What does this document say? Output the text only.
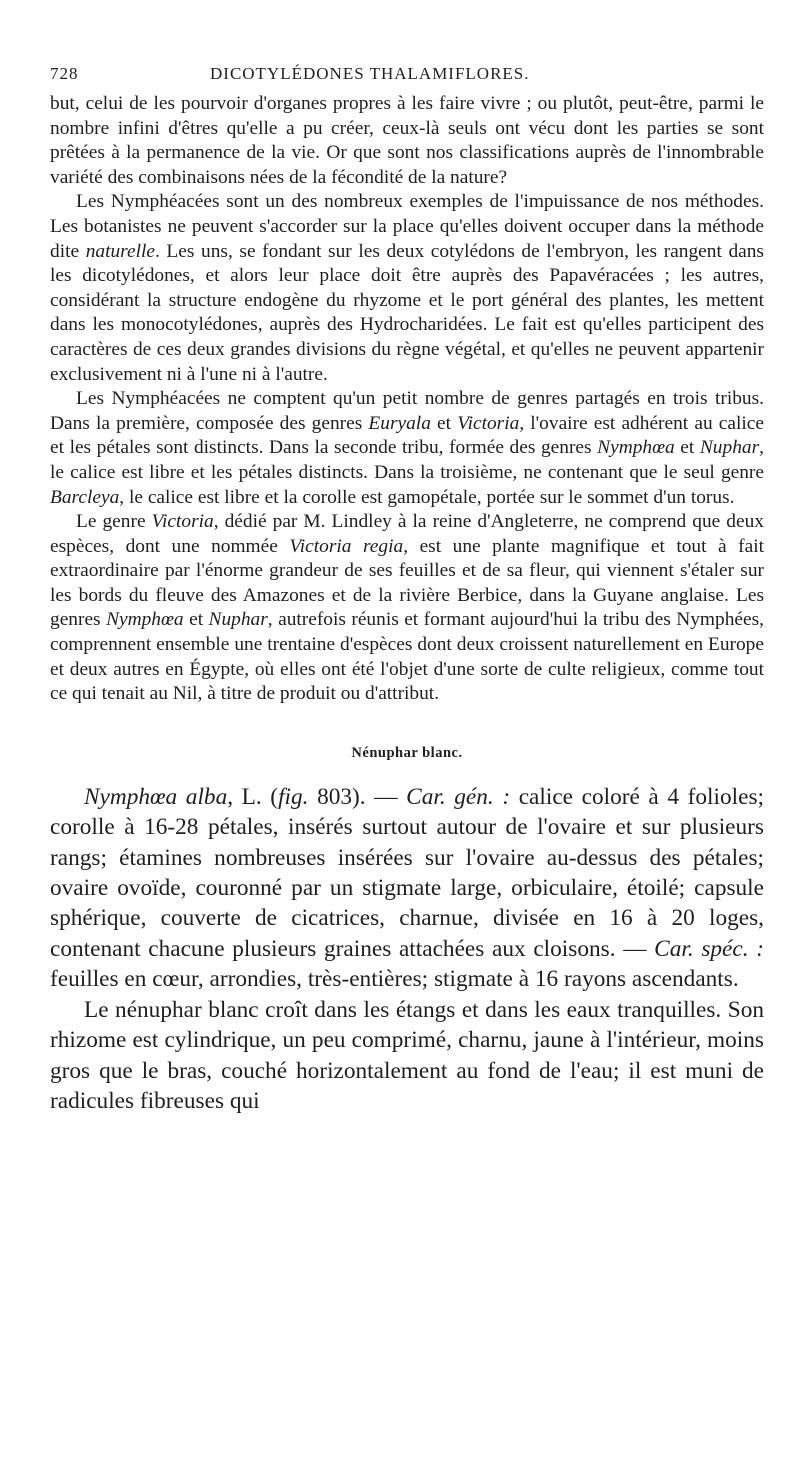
728	DICOTYLÉDONES THALAMIFLORES.

but, celui de les pourvoir d'organes propres à les faire vivre ; ou plutôt, peut-être, parmi le nombre infini d'êtres qu'elle a pu créer, ceux-là seuls ont vécu dont les parties se sont prêtées à la permanence de la vie. Or que sont nos classifications auprès de l'innombrable variété des combinaisons nées de la fécondité de la nature?

Les Nymphéacées sont un des nombreux exemples de l'impuissance de nos méthodes. Les botanistes ne peuvent s'accorder sur la place qu'elles doivent occuper dans la méthode dite naturelle. Les uns, se fondant sur les deux cotylédons de l'embryon, les rangent dans les dicotylédones, et alors leur place doit être auprès des Papavéracées ; les autres, considérant la structure endogène du rhyzome et le port général des plantes, les mettent dans les monocotylédones, auprès des Hydrocharidées. Le fait est qu'elles participent des caractères de ces deux grandes divisions du règne végétal, et qu'elles ne peuvent appartenir exclusivement ni à l'une ni à l'autre.

Les Nymphéacées ne comptent qu'un petit nombre de genres partagés en trois tribus. Dans la première, composée des genres Euryala et Victoria, l'ovaire est adhérent au calice et les pétales sont distincts. Dans la seconde tribu, formée des genres Nymphœa et Nuphar, le calice est libre et les pétales distincts. Dans la troisième, ne contenant que le seul genre Barcleya, le calice est libre et la corolle est gamopétale, portée sur le sommet d'un torus.

Le genre Victoria, dédié par M. Lindley à la reine d'Angleterre, ne comprend que deux espèces, dont une nommée Victoria regia, est une plante magnifique et tout à fait extraordinaire par l'énorme grandeur de ses feuilles et de sa fleur, qui viennent s'étaler sur les bords du fleuve des Amazones et de la rivière Berbice, dans la Guyane anglaise. Les genres Nymphœa et Nuphar, autrefois réunis et formant aujourd'hui la tribu des Nymphées, comprennent ensemble une trentaine d'espèces dont deux croissent naturellement en Europe et deux autres en Égypte, où elles ont été l'objet d'une sorte de culte religieux, comme tout ce qui tenait au Nil, à titre de produit ou d'attribut.

Nénuphar blanc.

Nymphœa alba, L. (fig. 803). — Car. gén. : calice coloré à 4 folioles; corolle à 16-28 pétales, insérés surtout autour de l'ovaire et sur plusieurs rangs; étamines nombreuses insérées sur l'ovaire au-dessus des pétales; ovaire ovoïde, couronné par un stigmate large, orbiculaire, étoilé; capsule sphérique, couverte de cicatrices, charnue, divisée en 16 à 20 loges, contenant chacune plusieurs graines attachées aux cloisons. — Car. spéc. : feuilles en cœur, arrondies, très-entières; stigmate à 16 rayons ascendants.

Le nénuphar blanc croît dans les étangs et dans les eaux tranquilles. Son rhizome est cylindrique, un peu comprimé, charnu, jaune à l'intérieur, moins gros que le bras, couché horizontalement au fond de l'eau; il est muni de radicules fibreuses qui
